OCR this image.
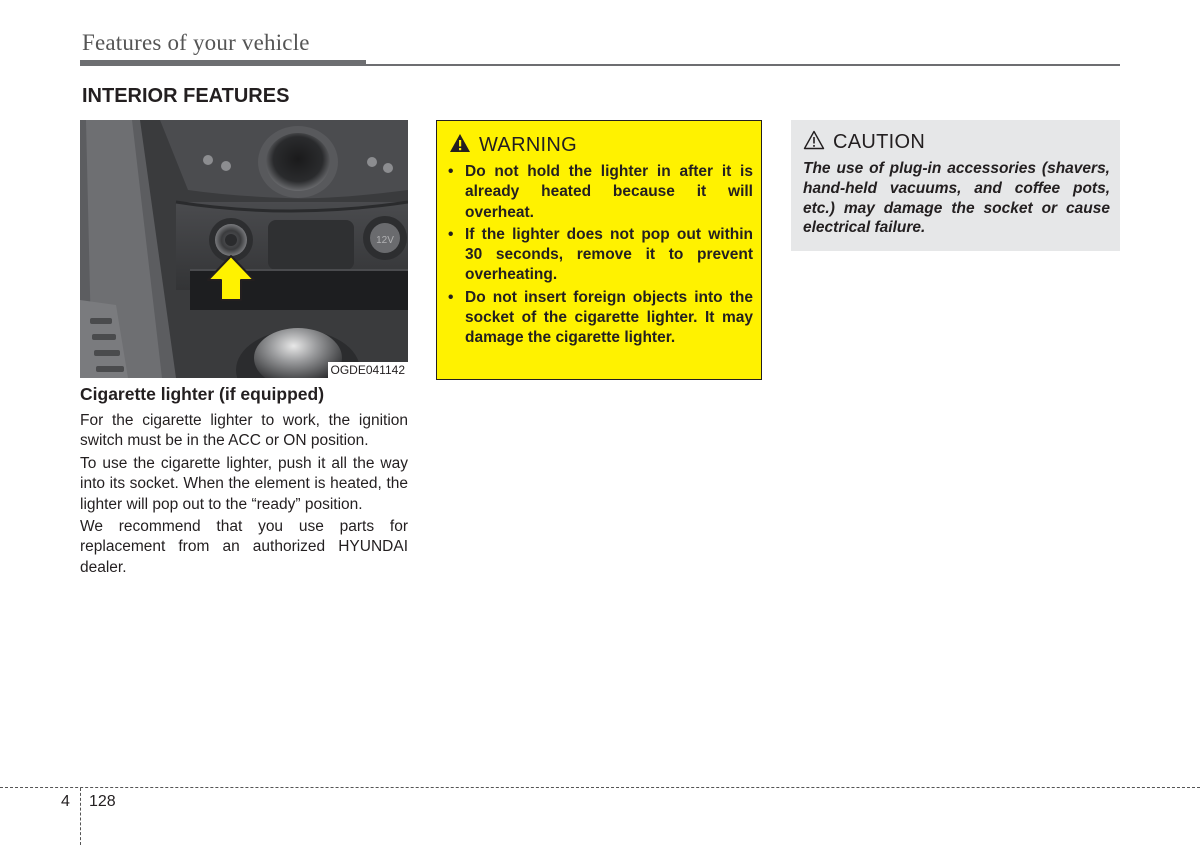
Features of your vehicle
INTERIOR FEATURES
12V
OGDE041142
Cigarette lighter (if equipped)

For the cigarette lighter to work, the ignition switch must be in the ACC or ON position.

To use the cigarette lighter, push it all the way into its socket. When the element is heated, the lighter will pop out to the “ready” position.

We recommend that you use parts for replacement from an authorized HYUNDAI dealer.

WARNING
• Do not hold the lighter in after it is already heated because it will overheat.
• If the lighter does not pop out within 30 seconds, remove it to prevent overheating.
• Do not insert foreign objects into the socket of the cigarette lighter. It may damage the cigarette lighter.
CAUTION

The use of plug-in accessories (shavers, hand-held vacuums, and coffee pots, etc.) may damage the socket or cause electrical failure.

4 128
